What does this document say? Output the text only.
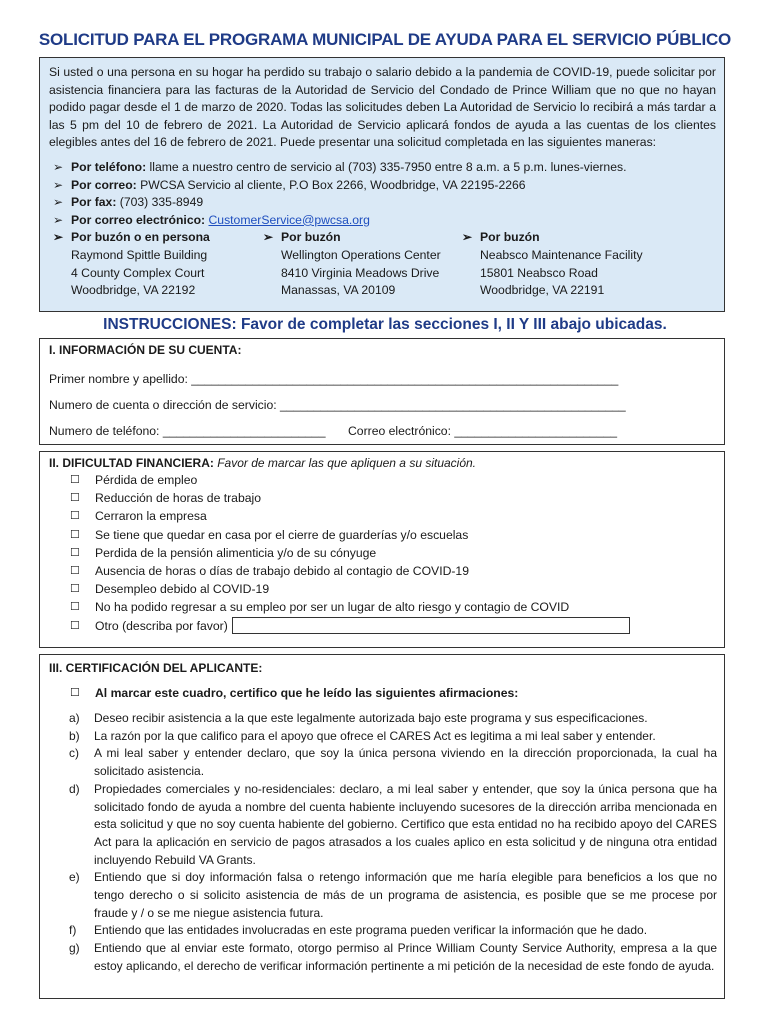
SOLICITUD PARA EL PROGRAMA MUNICIPAL DE AYUDA PARA EL SERVICIO PÚBLICO

Si usted o una persona en su hogar ha perdido su trabajo o salario debido a la pandemia de COVID-19, puede solicitar por asistencia financiera para las facturas de la Autoridad de Servicio del Condado de Prince William que no que no hayan podido pagar desde el 1 de marzo de 2020. Todas las solicitudes deben La Autoridad de Servicio lo recibirá a más tardar a las 5 pm del 10 de febrero de 2021. La Autoridad de Servicio aplicará fondos de ayuda a las cuentas de los clientes elegibles antes del 16 de febrero de 2021. Puede presentar una solicitud completada en las siguientes maneras:

➢ Por teléfono: llame a nuestro centro de servicio al (703) 335-7950 entre 8 a.m. a 5 p.m. lunes-viernes.
➢ Por correo: PWCSA Servicio al cliente, P.O Box 2266, Woodbridge, VA 22195-2266
➢ Por fax: (703) 335-8949
➢ Por correo electrónico: CustomerService@pwcsa.org
➢ Por buzón o en persona
Raymond Spittle Building
4 County Complex Court
Woodbridge, VA 22192
➢ Por buzón
Wellington Operations Center
8410 Virginia Meadows Drive
Manassas, VA 20109
➢ Por buzón
Neabsco Maintenance Facility
15801 Neabsco Road
Woodbridge, VA 22191
INSTRUCCIONES: Favor de completar las secciones I, II Y III abajo ubicadas.
I. INFORMACIÓN DE SU CUENTA:
Primer nombre y apellido: _______________________________________________________________
Numero de cuenta o dirección de servicio: ___________________________________________________
Numero de teléfono: ________________________ Correo electrónico: ________________________
II. DIFICULTAD FINANCIERA: Favor de marcar las que apliquen a su situación.
☐ Pérdida de empleo
☐ Reducción de horas de trabajo
☐ Cerraron la empresa
☐ Se tiene que quedar en casa por el cierre de guarderías y/o escuelas
☐ Perdida de la pensión alimenticia y/o de su cónyuge
☐ Ausencia de horas o días de trabajo debido al contagio de COVID-19
☐ Desempleo debido al COVID-19
☐ No ha podido regresar a su empleo por ser un lugar de alto riesgo y contagio de COVID
☐ Otro (describa por favor)
III. CERTIFICACIÓN DEL APLICANTE:
☐ Al marcar este cuadro, certifico que he leído las siguientes afirmaciones:
a) Deseo recibir asistencia a la que este legalmente autorizada bajo este programa y sus especificaciones.
b) La razón por la que califico para el apoyo que ofrece el CARES Act es legitima a mi leal saber y entender.
c) A mi leal saber y entender declaro, que soy la única persona viviendo en la dirección proporcionada, la cual ha solicitado asistencia.
d) Propiedades comerciales y no-residenciales: declaro, a mi leal saber y entender, que soy la única persona que ha solicitado fondo de ayuda a nombre del cuenta habiente incluyendo sucesores de la dirección arriba mencionada en esta solicitud y que no soy cuenta habiente del gobierno. Certifico que esta entidad no ha recibido apoyo del CARES Act para la aplicación en servicio de pagos atrasados a los cuales aplico en esta solicitud y de ninguna otra entidad incluyendo Rebuild VA Grants.
e) Entiendo que si doy información falsa o retengo información que me haría elegible para beneficios a los que no tengo derecho o si solicito asistencia de más de un programa de asistencia, es posible que se me procese por fraude y / o se me niegue asistencia futura.
f) Entiendo que las entidades involucradas en este programa pueden verificar la información que he dado.
g) Entiendo que al enviar este formato, otorgo permiso al Prince William County Service Authority, empresa a la que estoy aplicando, el derecho de verificar información pertinente a mi petición de la necesidad de este fondo de ayuda.
